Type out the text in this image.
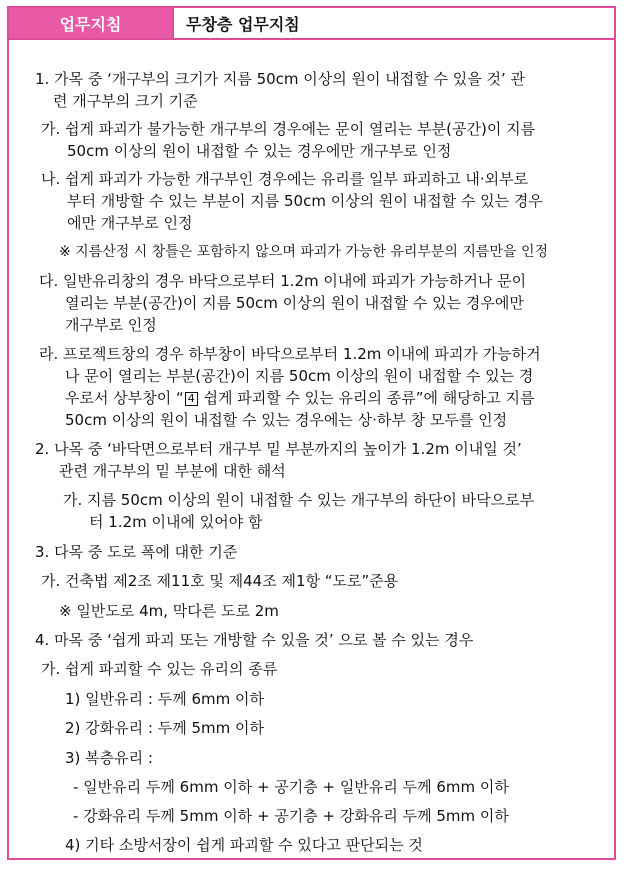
업무지침	무창층 업무지침
1. 가목 중 ‘개구부의 크기가 지름 50cm 이상의 원이 내접할 수 있을 것’ 관
련 개구부의 크기 기준
가. 쉽게 파괴가 불가능한 개구부의 경우에는 문이 열리는 부분(공간)이 지름
50cm 이상의 원이 내접할 수 있는 경우에만 개구부로 인정
나. 쉽게 파괴가 가능한 개구부인 경우에는 유리를 일부 파괴하고 내·외부로
부터 개방할 수 있는 부분이 지름 50cm 이상의 원이 내접할 수 있는 경우
에만 개구부로 인정
※ 지름산정 시 창틀은 포함하지 않으며 파괴가 가능한 유리부분의 지름만을 인정
다. 일반유리창의 경우 바닥으로부터 1.2m 이내에 파괴가 가능하거나 문이
열리는 부분(공간)이 지름 50cm 이상의 원이 내접할 수 있는 경우에만
개구부로 인정
라. 프로젝트창의 경우 하부창이 바닥으로부터 1.2m 이내에 파괴가 가능하거
나 문이 열리는 부분(공간)이 지름 50cm 이상의 원이 내접할 수 있는 경
우로서 상부창이 “ 4 쉽게 파괴할 수 있는 유리의 종류”에 해당하고 지름
50cm 이상의 원이 내접할 수 있는 경우에는 상·하부 창 모두를 인정
2. 나목 중 ‘바닥면으로부터 개구부 밑 부분까지의 높이가 1.2m 이내일 것’
관련 개구부의 밑 부분에 대한 해석
가. 지름 50cm 이상의 원이 내접할 수 있는 개구부의 하단이 바닥으로부
터 1.2m 이내에 있어야 함
3. 다목 중 도로 폭에 대한 기준
가. 건축법 제2조 제11호 및 제44조 제1항 “도로”준용
※ 일반도로 4m, 막다른 도로 2m
4. 마목 중 ‘쉽게 파괴 또는 개방할 수 있을 것’ 으로 볼 수 있는 경우
가. 쉽게 파괴할 수 있는 유리의 종류
1) 일반유리 : 두께 6mm 이하
2) 강화유리 : 두께 5mm 이하
3) 복층유리 :
- 일반유리 두께 6mm 이하 + 공기층 + 일반유리 두께 6mm 이하
- 강화유리 두께 5mm 이하 + 공기층 + 강화유리 두께 5mm 이하
4) 기타 소방서장이 쉽게 파괴할 수 있다고 판단되는 것
